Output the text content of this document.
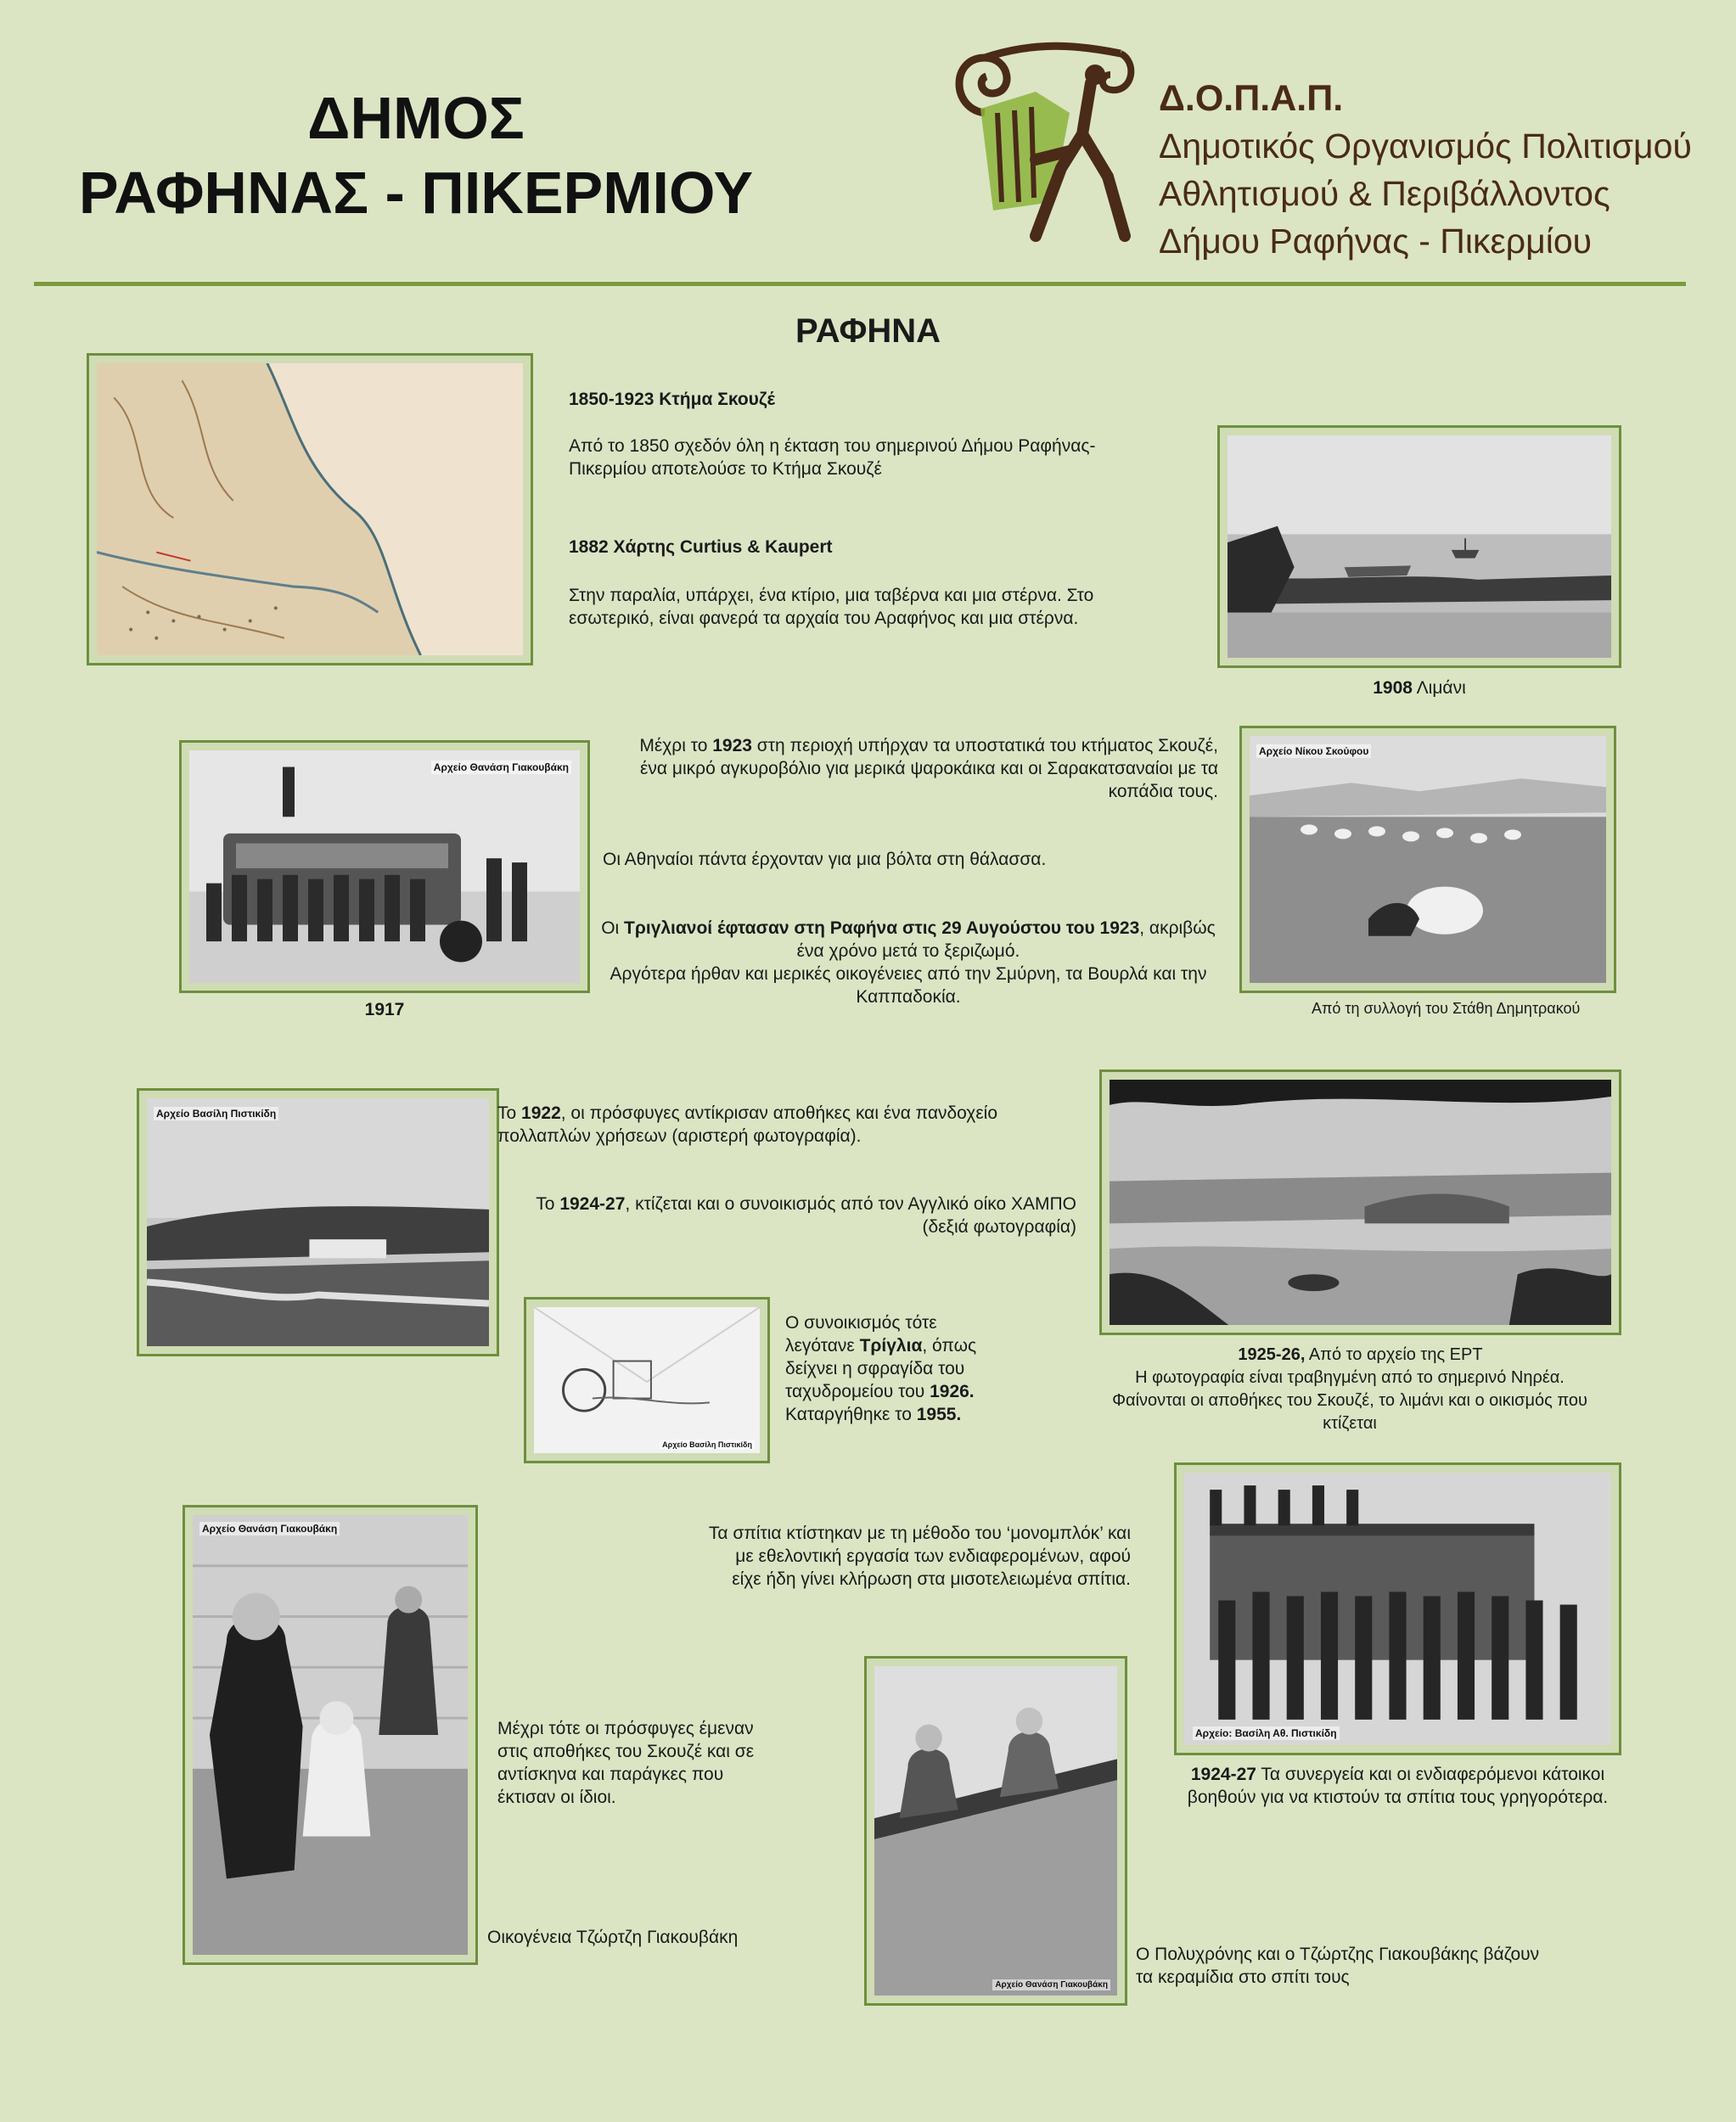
ΔΗΜΟΣ
ΡΑΦΗΝΑΣ - ΠΙΚΕΡΜΙΟΥ
Δ.Ο.Π.Α.Π.
Δημοτικός Οργανισμός Πολιτισμού
Αθλητισμού & Περιβάλλοντος
Δήμου Ραφήνας - Πικερμίου
ΡΑΦΗΝΑ
1850-1923 Κτήμα Σκουζέ
Από το 1850 σχεδόν όλη η έκταση του σημερινού Δήμου Ραφήνας-Πικερμίου αποτελούσε το Κτήμα Σκουζέ
1882 Χάρτης Curtius & Kaupert
Στην παραλία, υπάρχει, ένα κτίριο, μια ταβέρνα και μια στέρνα. Στο εσωτερικό, είναι φανερά τα αρχαία του Αραφήνος και μια στέρνα.
1908 Λιμάνι
Αρχείο Θανάση Γιακουβάκη
1917
Μέχρι το 1923 στη περιοχή υπήρχαν τα υποστατικά του κτήματος Σκουζέ, ένα μικρό αγκυροβόλιο για μερικά ψαροκάικα και οι Σαρακατσαναίοι με τα κοπάδια τους.
Οι Αθηναίοι πάντα έρχονταν για μια βόλτα στη θάλασσα.
Οι Τριγλιανοί έφτασαν στη Ραφήνα στις 29 Αυγούστου του 1923, ακριβώς ένα χρόνο μετά το ξεριζωμό.
Αργότερα ήρθαν και μερικές οικογένειες από την Σμύρνη, τα Βουρλά και την Καππαδοκία.
Αρχείο Νίκου Σκούφου
Από τη συλλογή του Στάθη Δημητρακού
Αρχείο Βασίλη Πιστικίδη	Το 1922, οι πρόσφυγες αντίκρισαν αποθήκες και ένα πανδοχείο πολλαπλών χρήσεων (αριστερή φωτογραφία).
Το 1924-27, κτίζεται και ο συνοικισμός από τον Αγγλικό οίκο ΧΑΜΠΟ (δεξιά φωτογραφία)
1925-26, Από το αρχείο της ΕΡΤ
Η φωτογραφία είναι τραβηγμένη από το σημερινό Νηρέα. Φαίνονται οι αποθήκες του Σκουζέ, το λιμάνι και ο οικισμός που κτίζεται
Αρχείο Βασίλη Πιστικίδη
Ο συνοικισμός τότε λεγότανε Τρίγλια, όπως δείχνει η σφραγίδα του ταχυδρομείου του 1926. Καταργήθηκε το 1955.
Αρχείο: Βασίλη Αθ. Πιστικίδη
1924-27 Τα συνεργεία και οι ενδιαφερόμενοι κάτοικοι βοηθούν για να κτιστούν τα σπίτια τους γρηγορότερα.
Τα σπίτια κτίστηκαν με τη μέθοδο του ‘μονομπλόκ’ και με εθελοντική εργασία των ενδιαφερομένων, αφού είχε ήδη γίνει κλήρωση στα μισοτελειωμένα σπίτια.
Αρχείο Θανάση Γιακουβάκη
Μέχρι τότε οι πρόσφυγες έμεναν στις αποθήκες του Σκουζέ και σε αντίσκηνα και παράγκες που έκτισαν οι ίδιοι.
Οικογένεια Τζώρτζη Γιακουβάκη
Αρχείο Θανάση Γιακουβάκη
Ο Πολυχρόνης και ο Τζώρτζης Γιακουβάκης βάζουν τα κεραμίδια στο σπίτι τους
